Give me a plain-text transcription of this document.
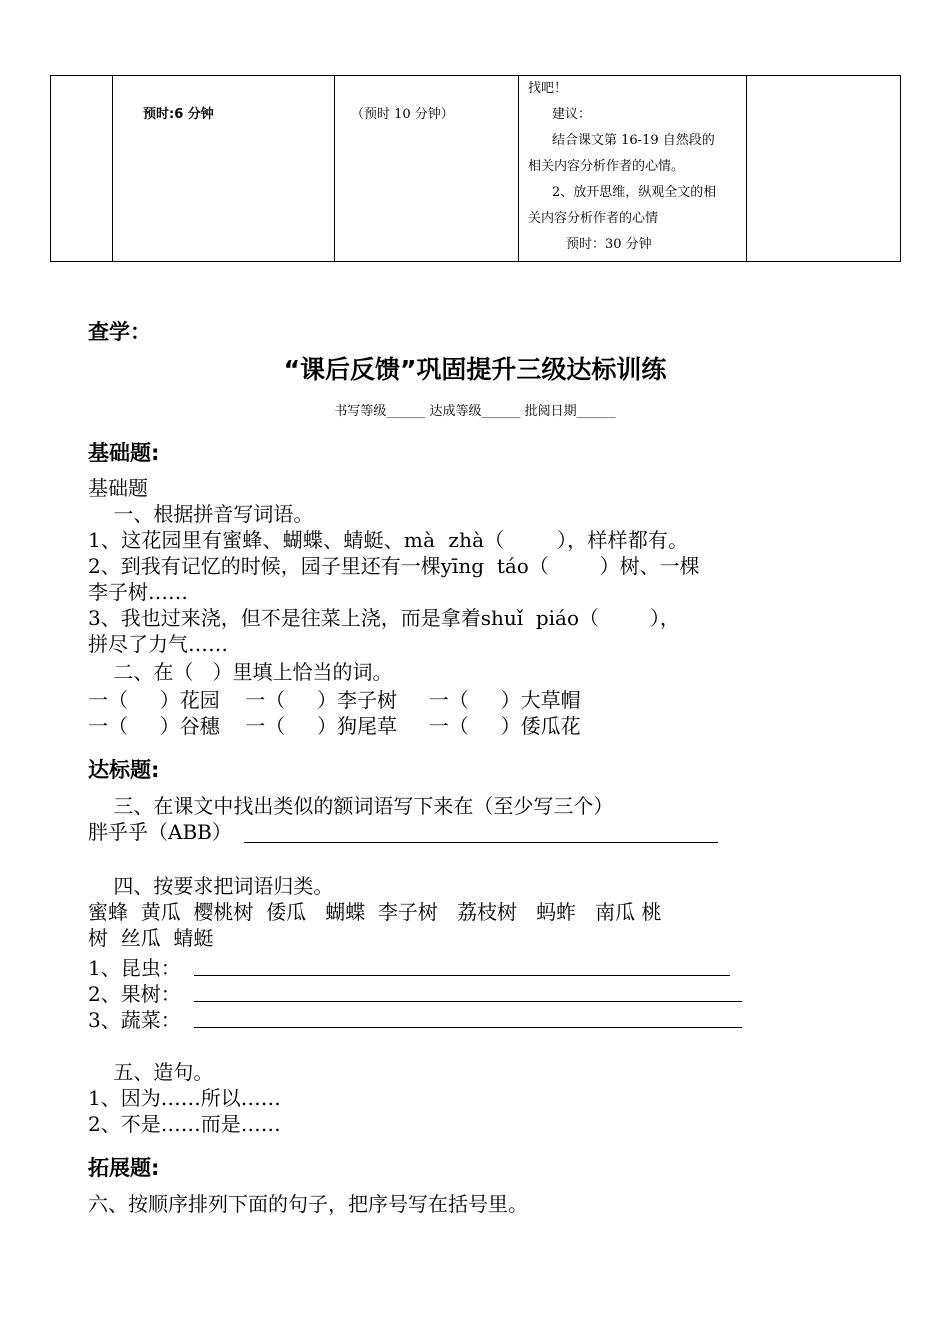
预时:6 分钟	（预时 10 分钟）
找吧！
建议：
结合课文第 16-19 自然段的
相关内容分析作者的心情。
2、放开思维，纵观全文的相
关内容分析作者的心情
预时：30 分钟
查学：
“课后反馈”巩固提升三级达标训练
书写等级______ 达成等级______ 批阅日期______
基础题:
基础题
一、根据拼音写词语。
1、这花园里有蜜蜂、蝴蝶、蜻蜓、mà  zhà（        ），样样都有。
2、到我有记忆的时候，园子里还有一棵yīng  táo（        ）树、一棵
李子树……
3、我也过来浇，但不是往菜上浇，而是拿着shuǐ  piáo（        ），
拼尽了力气……
二、在（   ）里填上恰当的词。
一（     ）花园    一（     ）李子树     一（     ）大草帽
一（     ）谷穗    一（     ）狗尾草     一（     ）倭瓜花
达标题:
三、在课文中找出类似的额词语写下来在（至少写三个）
胖乎乎（ABB）
四、按要求把词语归类。
蜜蜂  黄瓜  樱桃树  倭瓜   蝴蝶  李子树   荔枝树   蚂蚱   南瓜 桃
树  丝瓜  蜻蜓
1、昆虫：
2、果树：
3、蔬菜：
五、造句。
1、因为……所以……
2、不是……而是……
拓展题:
六、按顺序排列下面的句子，把序号写在括号里。
